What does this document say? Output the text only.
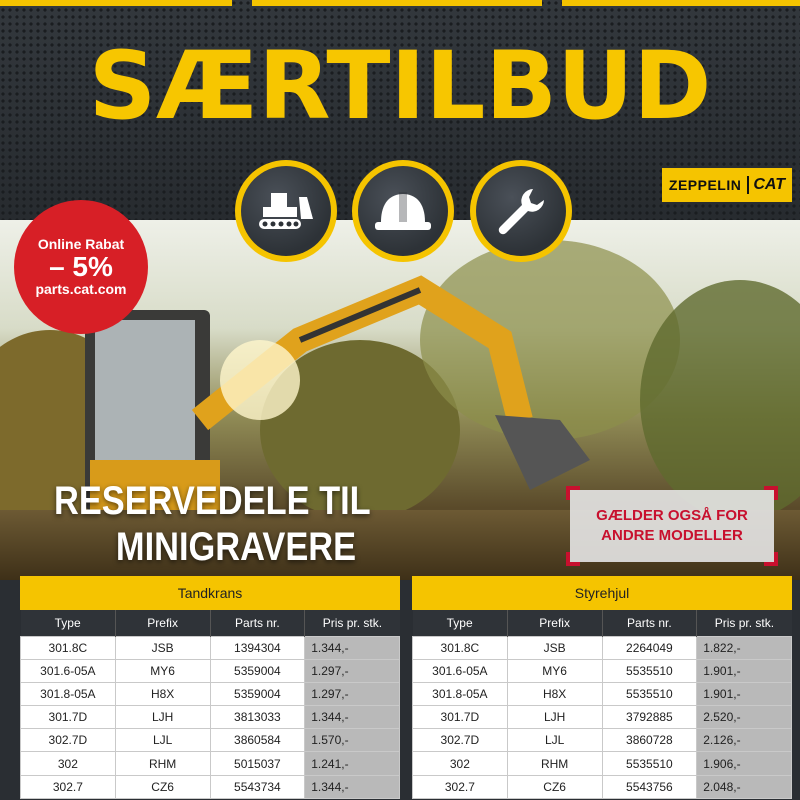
SÆRTILBUD
ZEPPELIN CAT
Online Rabat
– 5%
parts.cat.com
RESERVEDELE TIL
MINIGRAVERE
GÆLDER OGSÅ FOR
ANDRE MODELLER
Tandkrans
Type	Prefix	Parts nr.	Pris pr. stk.
301.8C	JSB	1394304	1.344,-
301.6-05A	MY6	5359004	1.297,-
301.8-05A	H8X	5359004	1.297,-
301.7D	LJH	3813033	1.344,-
302.7D	LJL	3860584	1.570,-
302	RHM	5015037	1.241,-
302.7	CZ6	5543734	1.344,-
Styrehjul
Type	Prefix	Parts nr.	Pris pr. stk.
301.8C	JSB	2264049	1.822,-
301.6-05A	MY6	5535510	1.901,-
301.8-05A	H8X	5535510	1.901,-
301.7D	LJH	3792885	2.520,-
302.7D	LJL	3860728	2.126,-
302	RHM	5535510	1.906,-
302.7	CZ6	5543756	2.048,-
